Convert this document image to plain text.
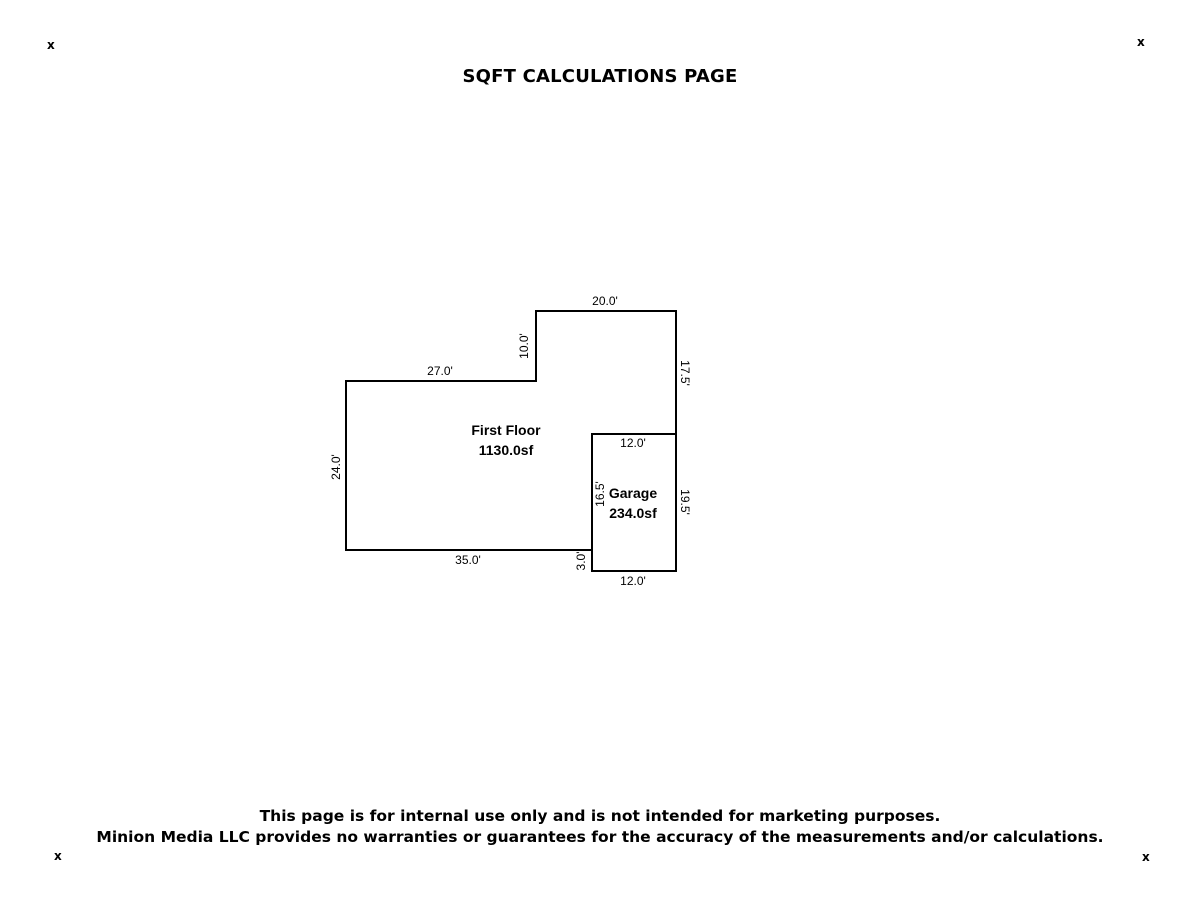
x	x
x	x
SQFT CALCULATIONS PAGE
27.0'
10.0'
20.0'
17.5'
24.0'
35.0'	3.0'
First Floor
1130.0sf	12.0'
16.5'	19.5'
12.0'
Garage
234.0sf
This page is for internal use only and is not intended for marketing purposes.
Minion Media LLC provides no warranties or guarantees for the accuracy of the measurements and/or calculations.
